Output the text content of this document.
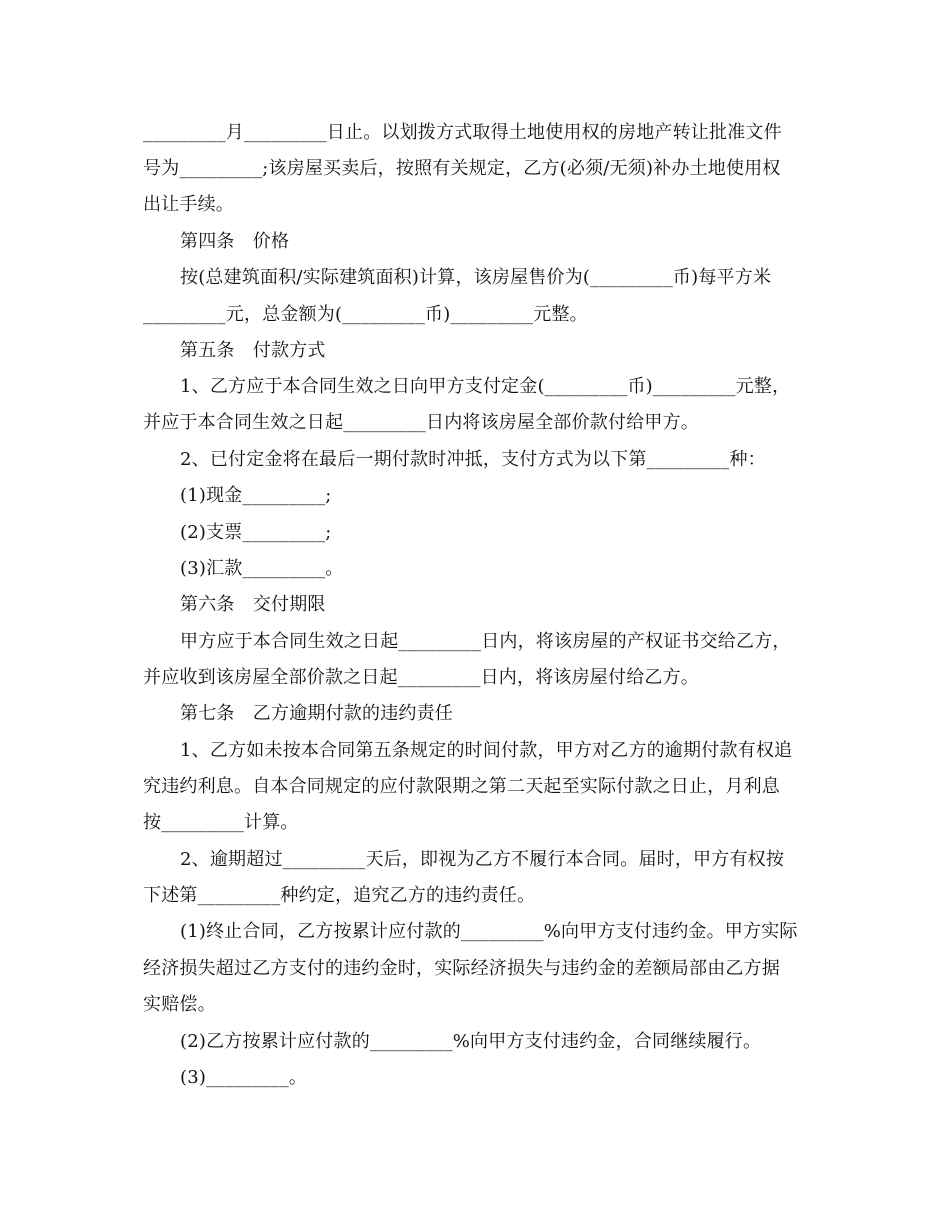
_________月_________日止。以划拨方式取得土地使用权的房地产转让批准文件
号为_________;该房屋买卖后，按照有关规定，乙方(必须/无须)补办土地使用权
出让手续。
第四条　价格
按(总建筑面积/实际建筑面积)计算，该房屋售价为(_________币)每平方米
_________元，总金额为(_________币)_________元整。
第五条　付款方式
1、乙方应于本合同生效之日向甲方支付定金(_________币)_________元整，
并应于本合同生效之日起_________日内将该房屋全部价款付给甲方。
2、已付定金将在最后一期付款时冲抵，支付方式为以下第_________种：
(1)现金_________;
(2)支票_________;
(3)汇款_________。
第六条　交付期限
甲方应于本合同生效之日起_________日内，将该房屋的产权证书交给乙方，
并应收到该房屋全部价款之日起_________日内，将该房屋付给乙方。
第七条　乙方逾期付款的违约责任
1、乙方如未按本合同第五条规定的时间付款，甲方对乙方的逾期付款有权追
究违约利息。自本合同规定的应付款限期之第二天起至实际付款之日止，月利息
按_________计算。
2、逾期超过_________天后，即视为乙方不履行本合同。届时，甲方有权按
下述第_________种约定，追究乙方的违约责任。
(1)终止合同，乙方按累计应付款的_________%向甲方支付违约金。甲方实际
经济损失超过乙方支付的违约金时，实际经济损失与违约金的差额局部由乙方据
实赔偿。
(2)乙方按累计应付款的_________%向甲方支付违约金，合同继续履行。
(3)_________。
